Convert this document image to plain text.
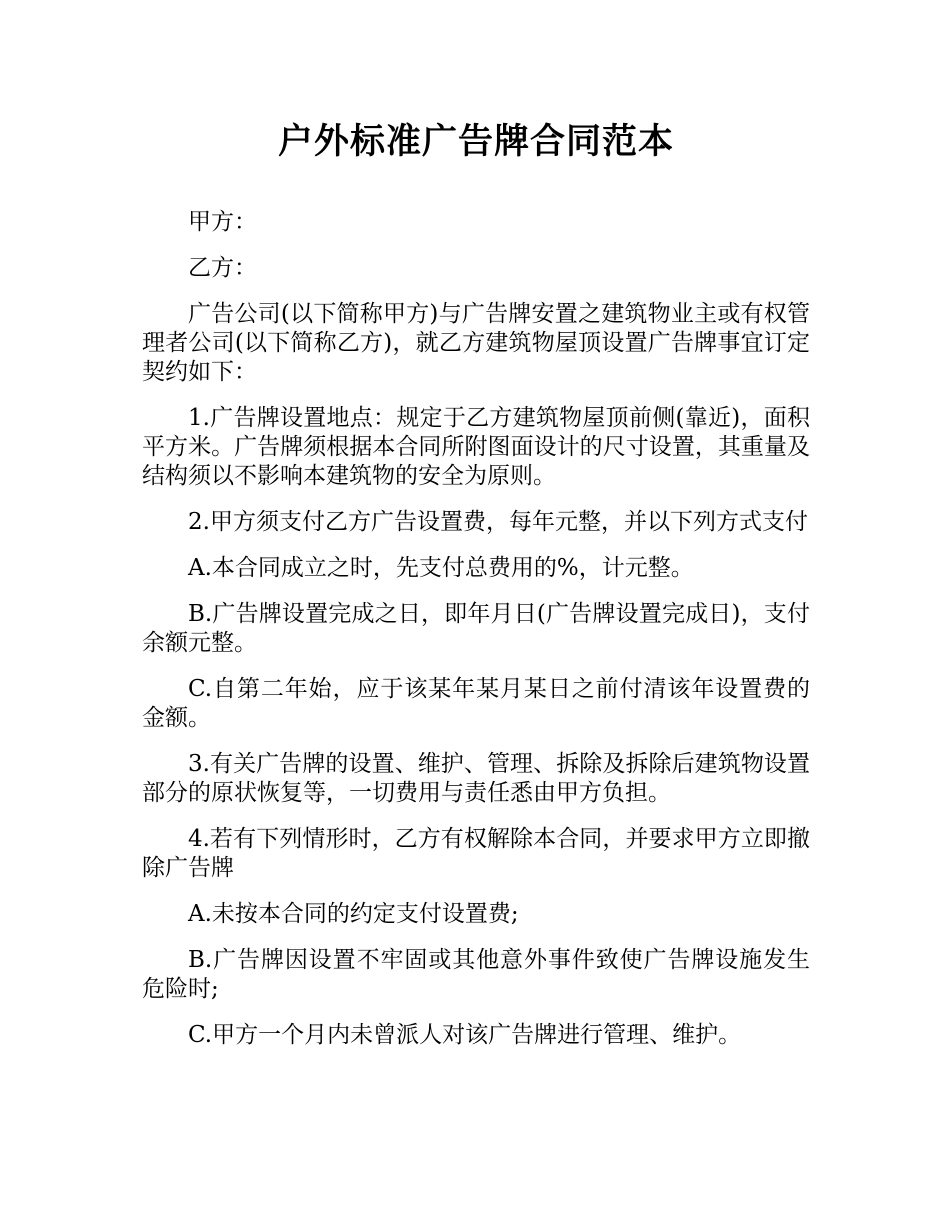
户外标准广告牌合同范本

甲方：

乙方：

广告公司(以下简称甲方)与广告牌安置之建筑物业主或有权管理者公司(以下简称乙方)，就乙方建筑物屋顶设置广告牌事宜订定契约如下：

1.广告牌设置地点：规定于乙方建筑物屋顶前侧(靠近)，面积平方米。广告牌须根据本合同所附图面设计的尺寸设置，其重量及结构须以不影响本建筑物的安全为原则。

2.甲方须支付乙方广告设置费，每年元整，并以下列方式支付

A.本合同成立之时，先支付总费用的%，计元整。

B.广告牌设置完成之日，即年月日(广告牌设置完成日)，支付余额元整。

C.自第二年始，应于该某年某月某日之前付清该年设置费的金额。

3.有关广告牌的设置、维护、管理、拆除及拆除后建筑物设置部分的原状恢复等，一切费用与责任悉由甲方负担。

4.若有下列情形时，乙方有权解除本合同，并要求甲方立即撤除广告牌

A.未按本合同的约定支付设置费;

B.广告牌因设置不牢固或其他意外事件致使广告牌设施发生危险时;

C.甲方一个月内未曾派人对该广告牌进行管理、维护。
